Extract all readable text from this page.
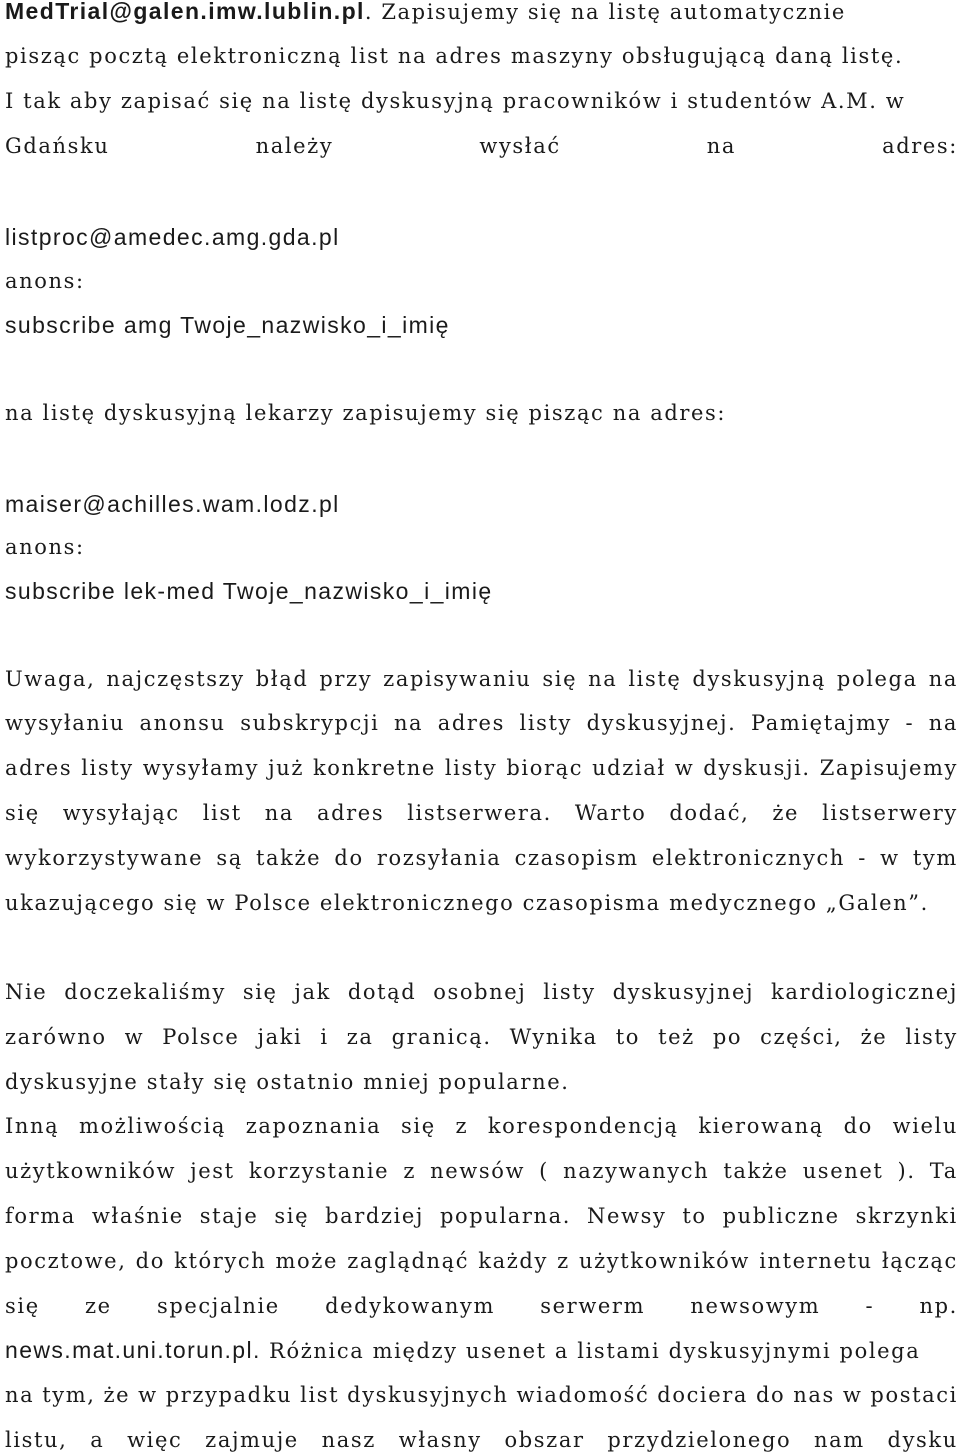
MedTrial@galen.imw.lublin.pl. Zapisujemy się na listę automatycznie
pisząc pocztą elektroniczną list na adres maszyny obsługującą daną listę.
I tak aby zapisać się na listę dyskusyjną pracowników i studentów A.M. w
Gdańsku	należy	wysłać	na	adres:
listproc@amedec.amg.gda.pl
anons:
subscribe amg Twoje_nazwisko_i_imię
na listę dyskusyjną lekarzy zapisujemy się pisząc na adres:
maiser@achilles.wam.lodz.pl
anons:
subscribe lek-med Twoje_nazwisko_i_imię
Uwaga, najczęstszy błąd przy zapisywaniu się na listę dyskusyjną polega na
wysyłaniu anonsu subskrypcji na adres listy dyskusyjnej. Pamiętajmy - na
adres listy wysyłamy już konkretne listy biorąc udział w dyskusji. Zapisujemy
się wysyłając list na adres listserwera. Warto dodać, że listserwery
wykorzystywane są także do rozsyłania czasopism elektronicznych - w tym
ukazującego się w Polsce elektronicznego czasopisma medycznego „Galen”.
Nie doczekaliśmy się jak dotąd osobnej listy dyskusyjnej kardiologicznej
zarówno w Polsce jaki i za granicą. Wynika to też po części, że listy
dyskusyjne stały się ostatnio mniej popularne.
Inną możliwością zapoznania się z korespondencją kierowaną do wielu
użytkowników jest korzystanie z newsów ( nazywanych także usenet ). Ta
forma właśnie staje się bardziej popularna. Newsy to publiczne skrzynki
pocztowe, do których może zaglądnąć każdy z użytkowników internetu łącząc
się ze specjalnie dedykowanym serwerm newsowym - np.
news.mat.uni.torun.pl. Różnica między usenet a listami dyskusyjnymi polega
na tym, że w przypadku list dyskusyjnych wiadomość dociera do nas w postaci
listu, a więc zajmuje nasz własny obszar przydzielonego nam dysku
